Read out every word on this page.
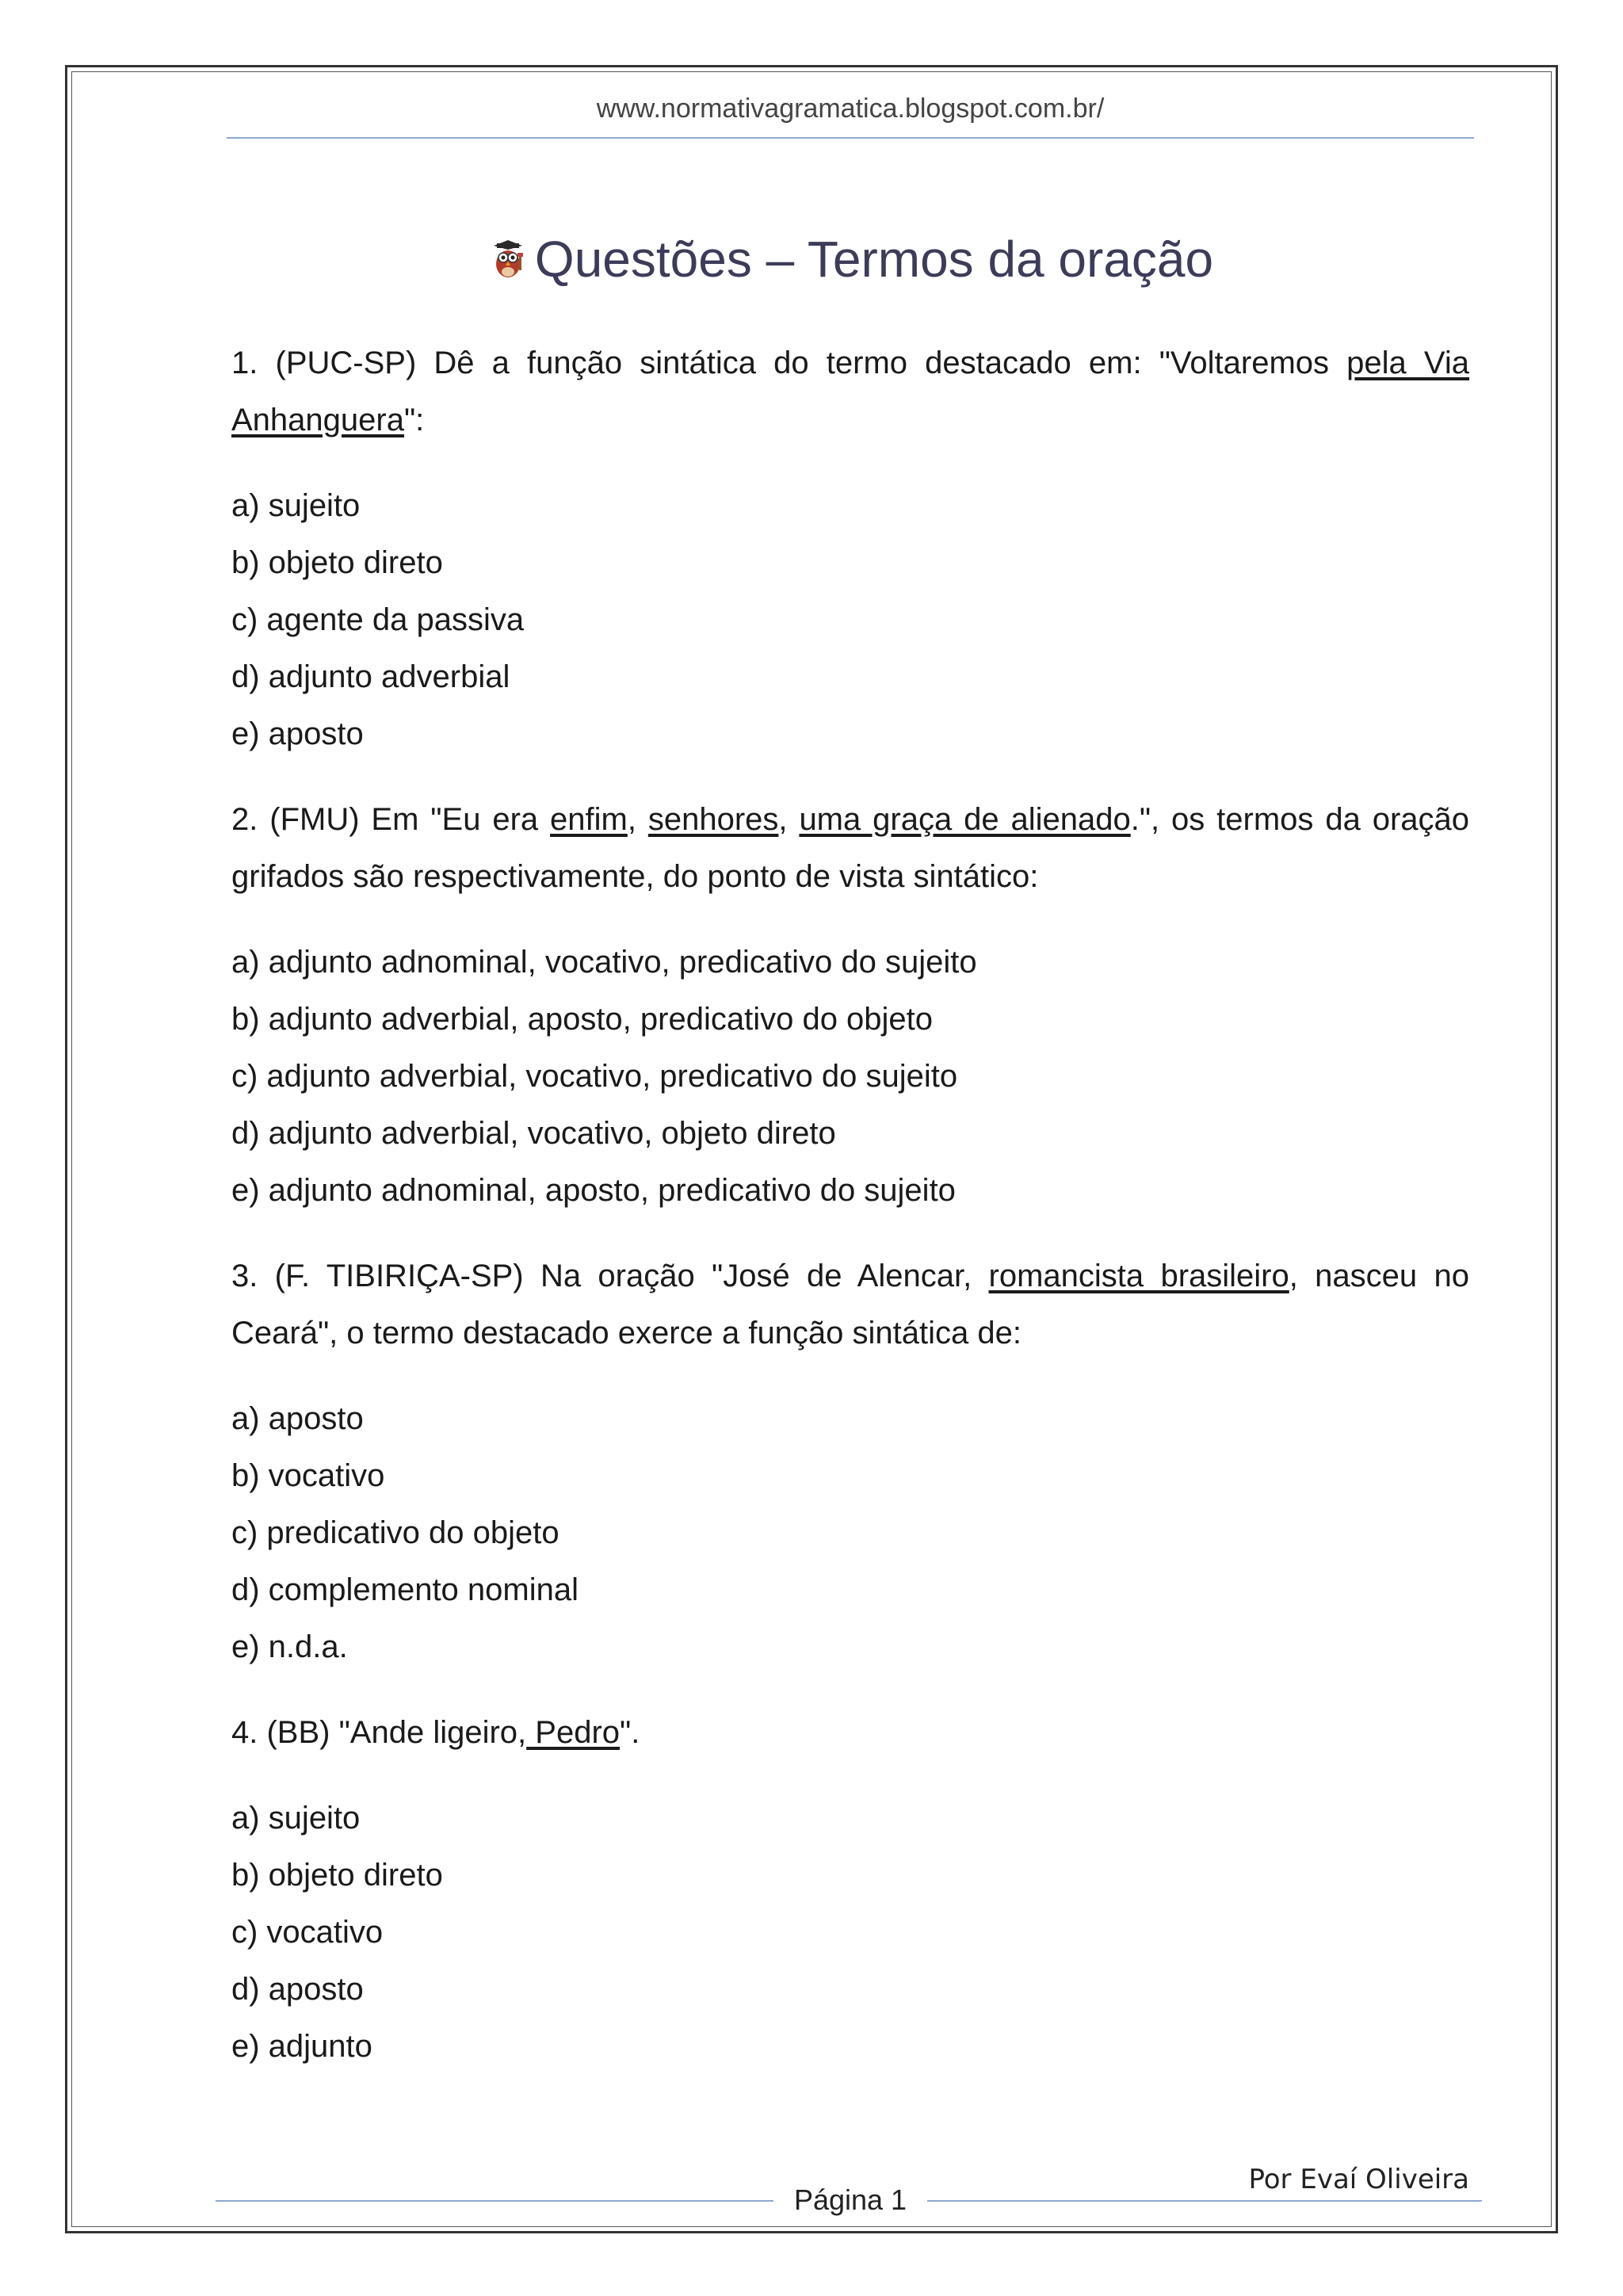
www.normativagramatica.blogspot.com.br/
Questões – Termos da oração

1. (PUC-SP) Dê a função sintática do termo destacado em: "Voltaremos pela Via Anhanguera":

a) sujeito
b) objeto direto
c) agente da passiva
d) adjunto adverbial
e) aposto

2. (FMU) Em "Eu era enfim, senhores, uma graça de alienado.", os termos da oração grifados são respectivamente, do ponto de vista sintático:

a) adjunto adnominal, vocativo, predicativo do sujeito
b) adjunto adverbial, aposto, predicativo do objeto
c) adjunto adverbial, vocativo, predicativo do sujeito
d) adjunto adverbial, vocativo, objeto direto
e) adjunto adnominal, aposto, predicativo do sujeito

3. (F. TIBIRIÇA-SP) Na oração "José de Alencar, romancista brasileiro, nasceu no Ceará", o termo destacado exerce a função sintática de:

a) aposto
b) vocativo
c) predicativo do objeto
d) complemento nominal
e) n.d.a.

4. (BB) "Ande ligeiro, Pedro".

a) sujeito
b) objeto direto
c) vocativo
d) aposto
e) adjunto
Página 1
Por Evaí Oliveira
